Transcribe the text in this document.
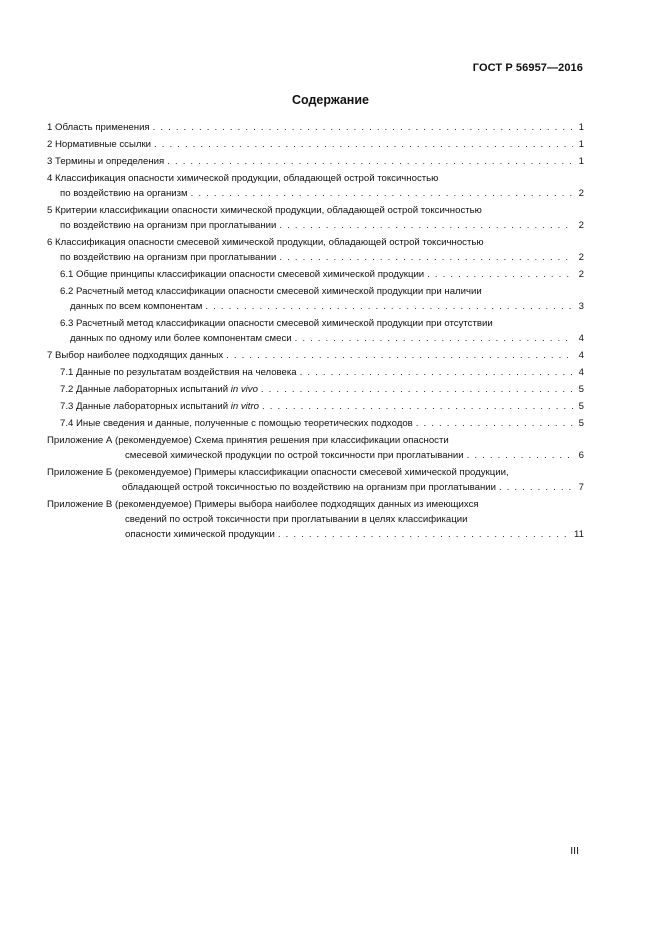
ГОСТ Р 56957—2016
Содержание
1 Область применения . . .	1
2 Нормативные ссылки . . .	1
3 Термины и определения . . .	1
4 Классификация опасности химической продукции, обладающей острой токсичностью
по воздействию на организм . . .	2
5 Критерии классификации опасности химической продукции, обладающей острой токсичностью
по воздействию на организм при проглатывании . . .	2
6 Классификация опасности смесевой химической продукции, обладающей острой токсичностью
по воздействию на организм при проглатывании . . .	2
6.1 Общие принципы классификации опасности смесевой химической продукции . . .	2
6.2 Расчетный метод классификации опасности смесевой химической продукции при наличии
данных по всем компонентам . . .	3
6.3 Расчетный метод классификации опасности смесевой химической продукции при отсутствии
данных по одному или более компонентам смеси . . .	4
7 Выбор наиболее подходящих данных . . .	4
7.1 Данные по результатам воздействия на человека . . .	4
7.2 Данные лабораторных испытаний in vivo . . .	5
7.3 Данные лабораторных испытаний in vitro . . .	5
7.4 Иные сведения и данные, полученные с помощью теоретических подходов . . .	5
Приложение А (рекомендуемое) Схема принятия решения при классификации опасности
смесевой химической продукции по острой токсичности при проглатывании . . .	6
Приложение Б (рекомендуемое) Примеры классификации опасности смесевой химической продукции,
обладающей острой токсичностью по воздействию на организм при проглатывании . . .	7
Приложение В (рекомендуемое) Примеры выбора наиболее подходящих данных из имеющихся
сведений по острой токсичности при проглатывании в целях классификации
опасности химической продукции . . .	11
III
